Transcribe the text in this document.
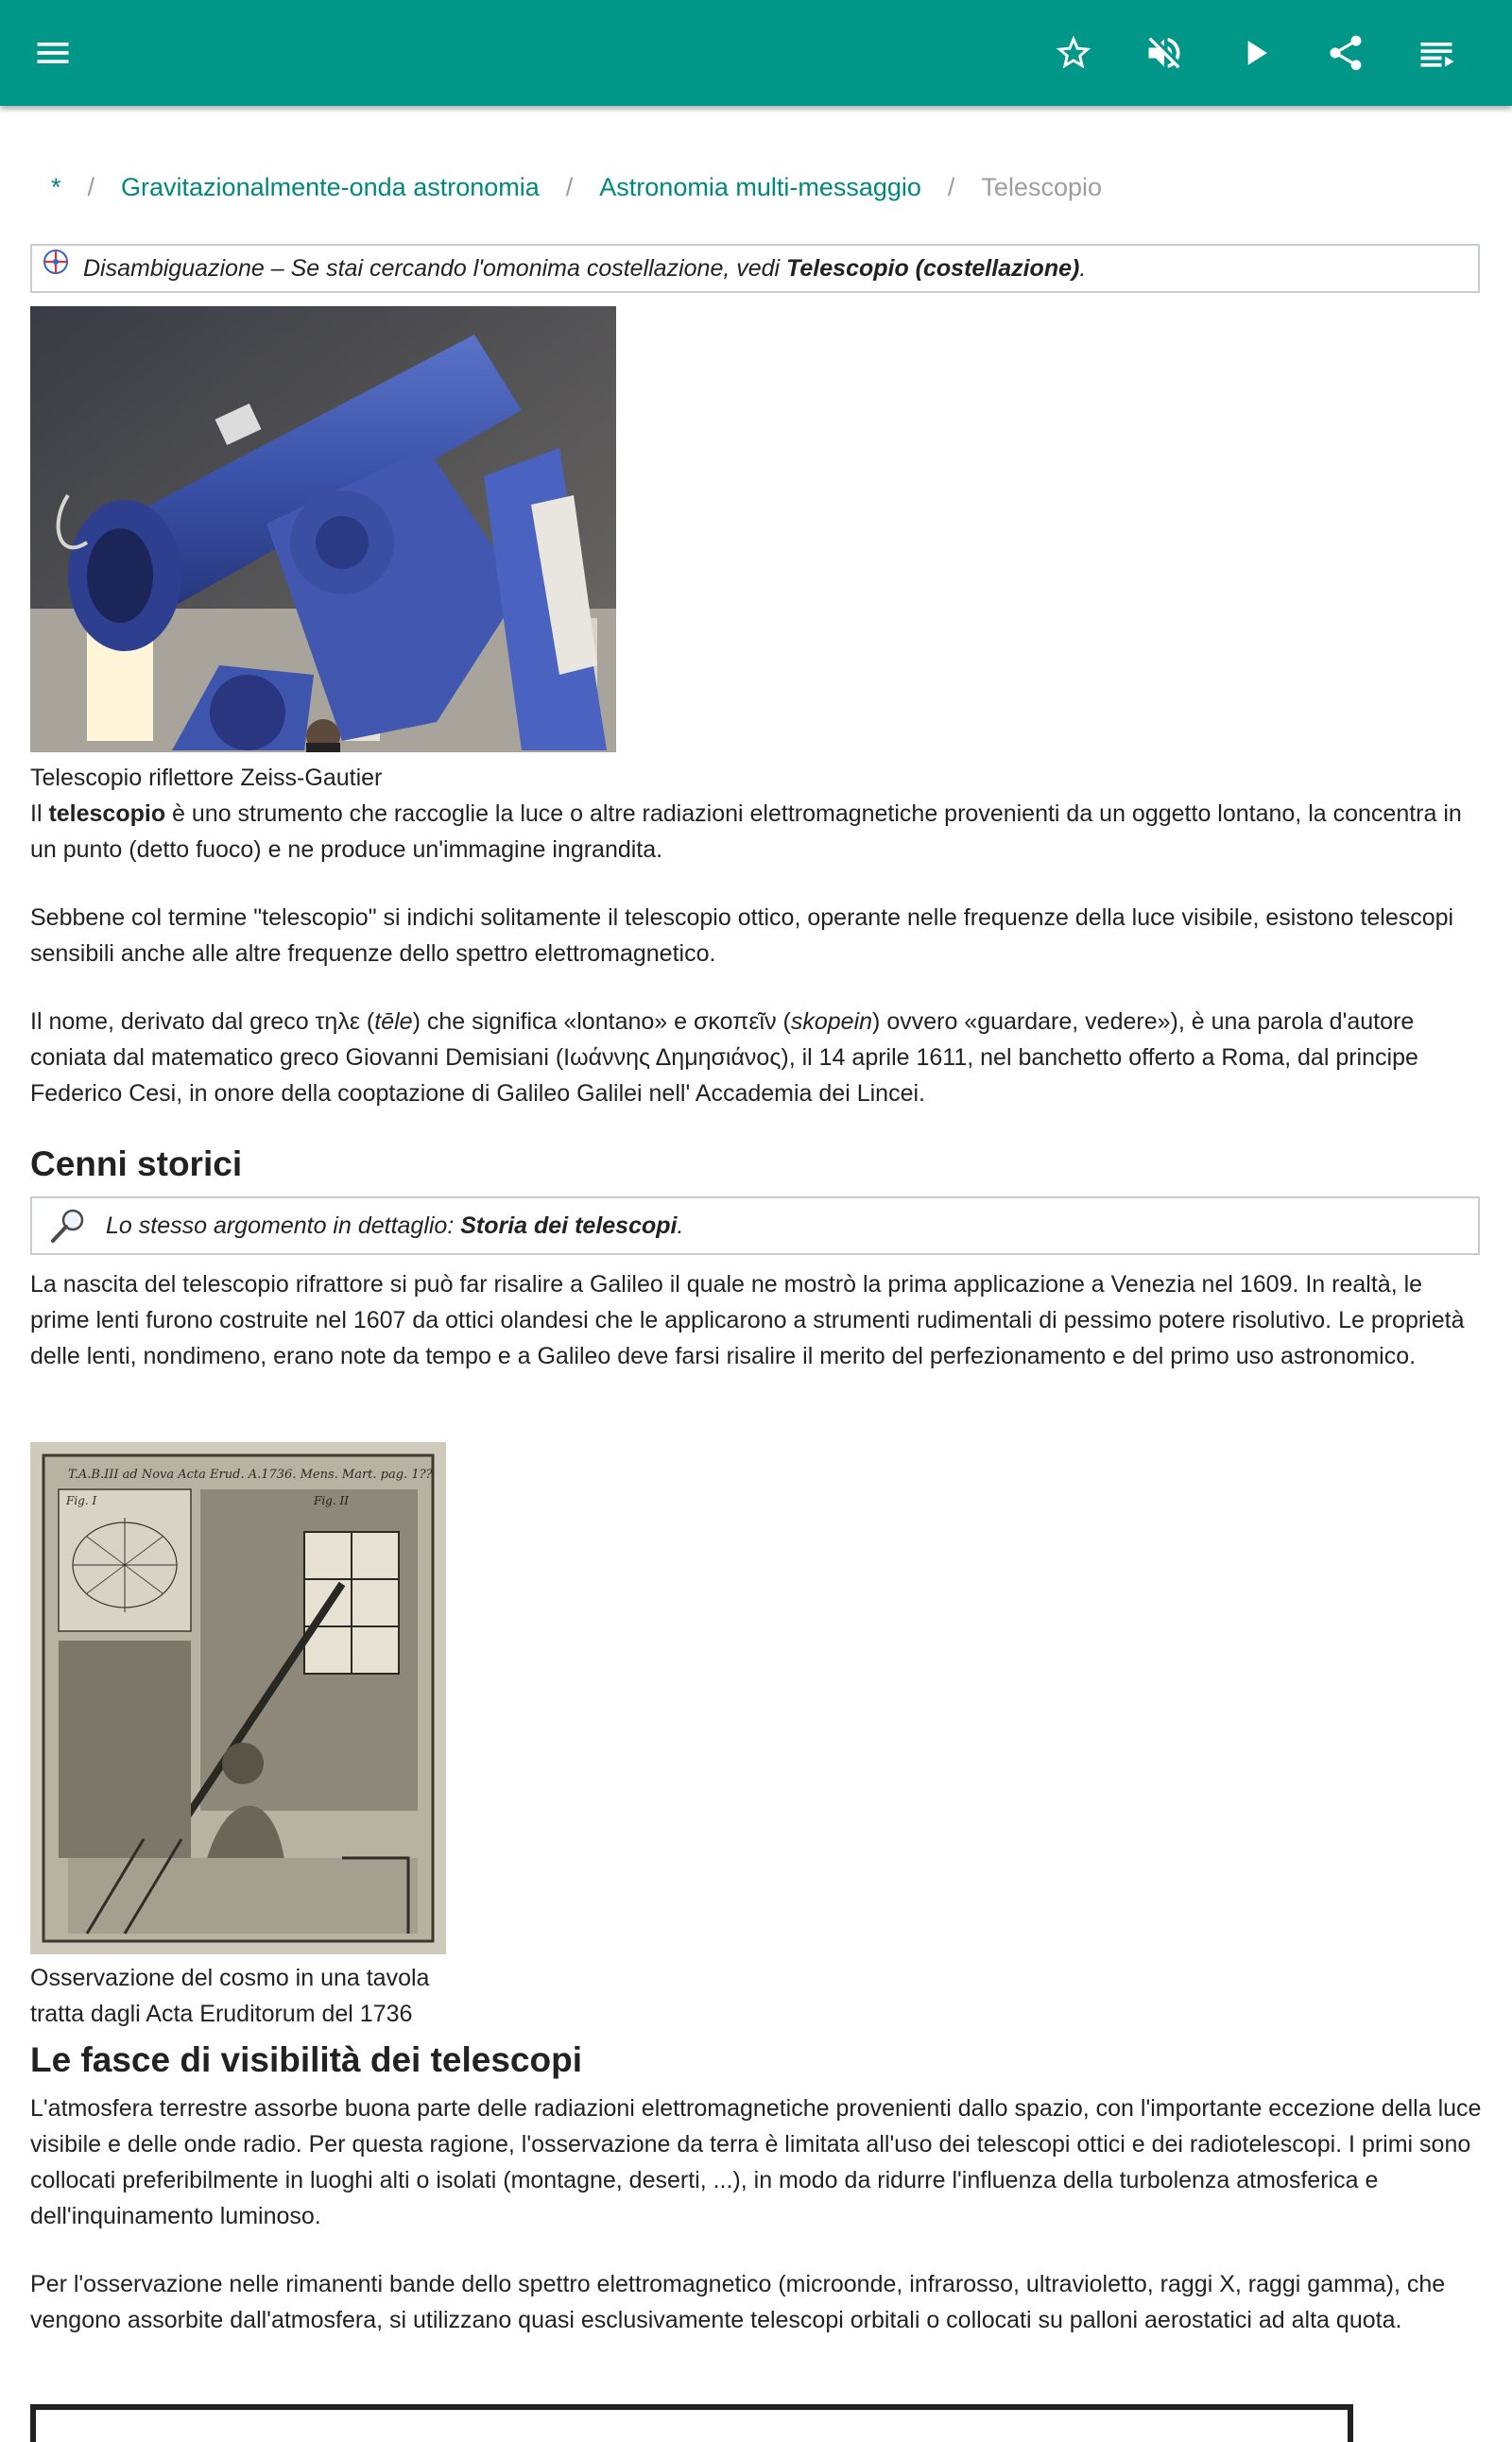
* / Gravitazionalmente-onda astronomia / Astronomia multi-messaggio / Telescopio
Disambiguazione – Se stai cercando l'omonima costellazione, vedi Telescopio (costellazione).
Telescopio riflettore Zeiss-Gautier

Il telescopio è uno strumento che raccoglie la luce o altre radiazioni elettromagnetiche provenienti da un oggetto lontano, la concentra in un punto (detto fuoco) e ne produce un'immagine ingrandita.

Sebbene col termine "telescopio" si indichi solitamente il telescopio ottico, operante nelle frequenze della luce visibile, esistono telescopi sensibili anche alle altre frequenze dello spettro elettromagnetico.

Il nome, derivato dal greco τηλε (tēle) che significa «lontano» e σκοπεῖν (skopein) ovvero «guardare, vedere»), è una parola d'autore coniata dal matematico greco Giovanni Demisiani (Ιωάννης Δημησιάνος), il 14 aprile 1611, nel banchetto offerto a Roma, dal principe Federico Cesi, in onore della cooptazione di Galileo Galilei nell' Accademia dei Lincei.

Cenni storici
Lo stesso argomento in dettaglio: Storia dei telescopi.

La nascita del telescopio rifrattore si può far risalire a Galileo il quale ne mostrò la prima applicazione a Venezia nel 1609. In realtà, le prime lenti furono costruite nel 1607 da ottici olandesi che le applicarono a strumenti rudimentali di pessimo potere risolutivo. Le proprietà delle lenti, nondimeno, erano note da tempo e a Galileo deve farsi risalire il merito del perfezionamento e del primo uso astronomico.

T.A.B.III ad Nova Acta Erud. A.1736. Mens. Mart. pag. 1??
Fig. I	Fig. II
Osservazione del cosmo in una tavola
tratta dagli Acta Eruditorum del 1736
Le fasce di visibilità dei telescopi

L'atmosfera terrestre assorbe buona parte delle radiazioni elettromagnetiche provenienti dallo spazio, con l'importante eccezione della luce visibile e delle onde radio. Per questa ragione, l'osservazione da terra è limitata all'uso dei telescopi ottici e dei radiotelescopi. I primi sono collocati preferibilmente in luoghi alti o isolati (montagne, deserti, ...), in modo da ridurre l'influenza della turbolenza atmosferica e dell'inquinamento luminoso.

Per l'osservazione nelle rimanenti bande dello spettro elettromagnetico (microonde, infrarosso, ultravioletto, raggi X, raggi gamma), che vengono assorbite dall'atmosfera, si utilizzano quasi esclusivamente telescopi orbitali o collocati su palloni aerostatici ad alta quota.
